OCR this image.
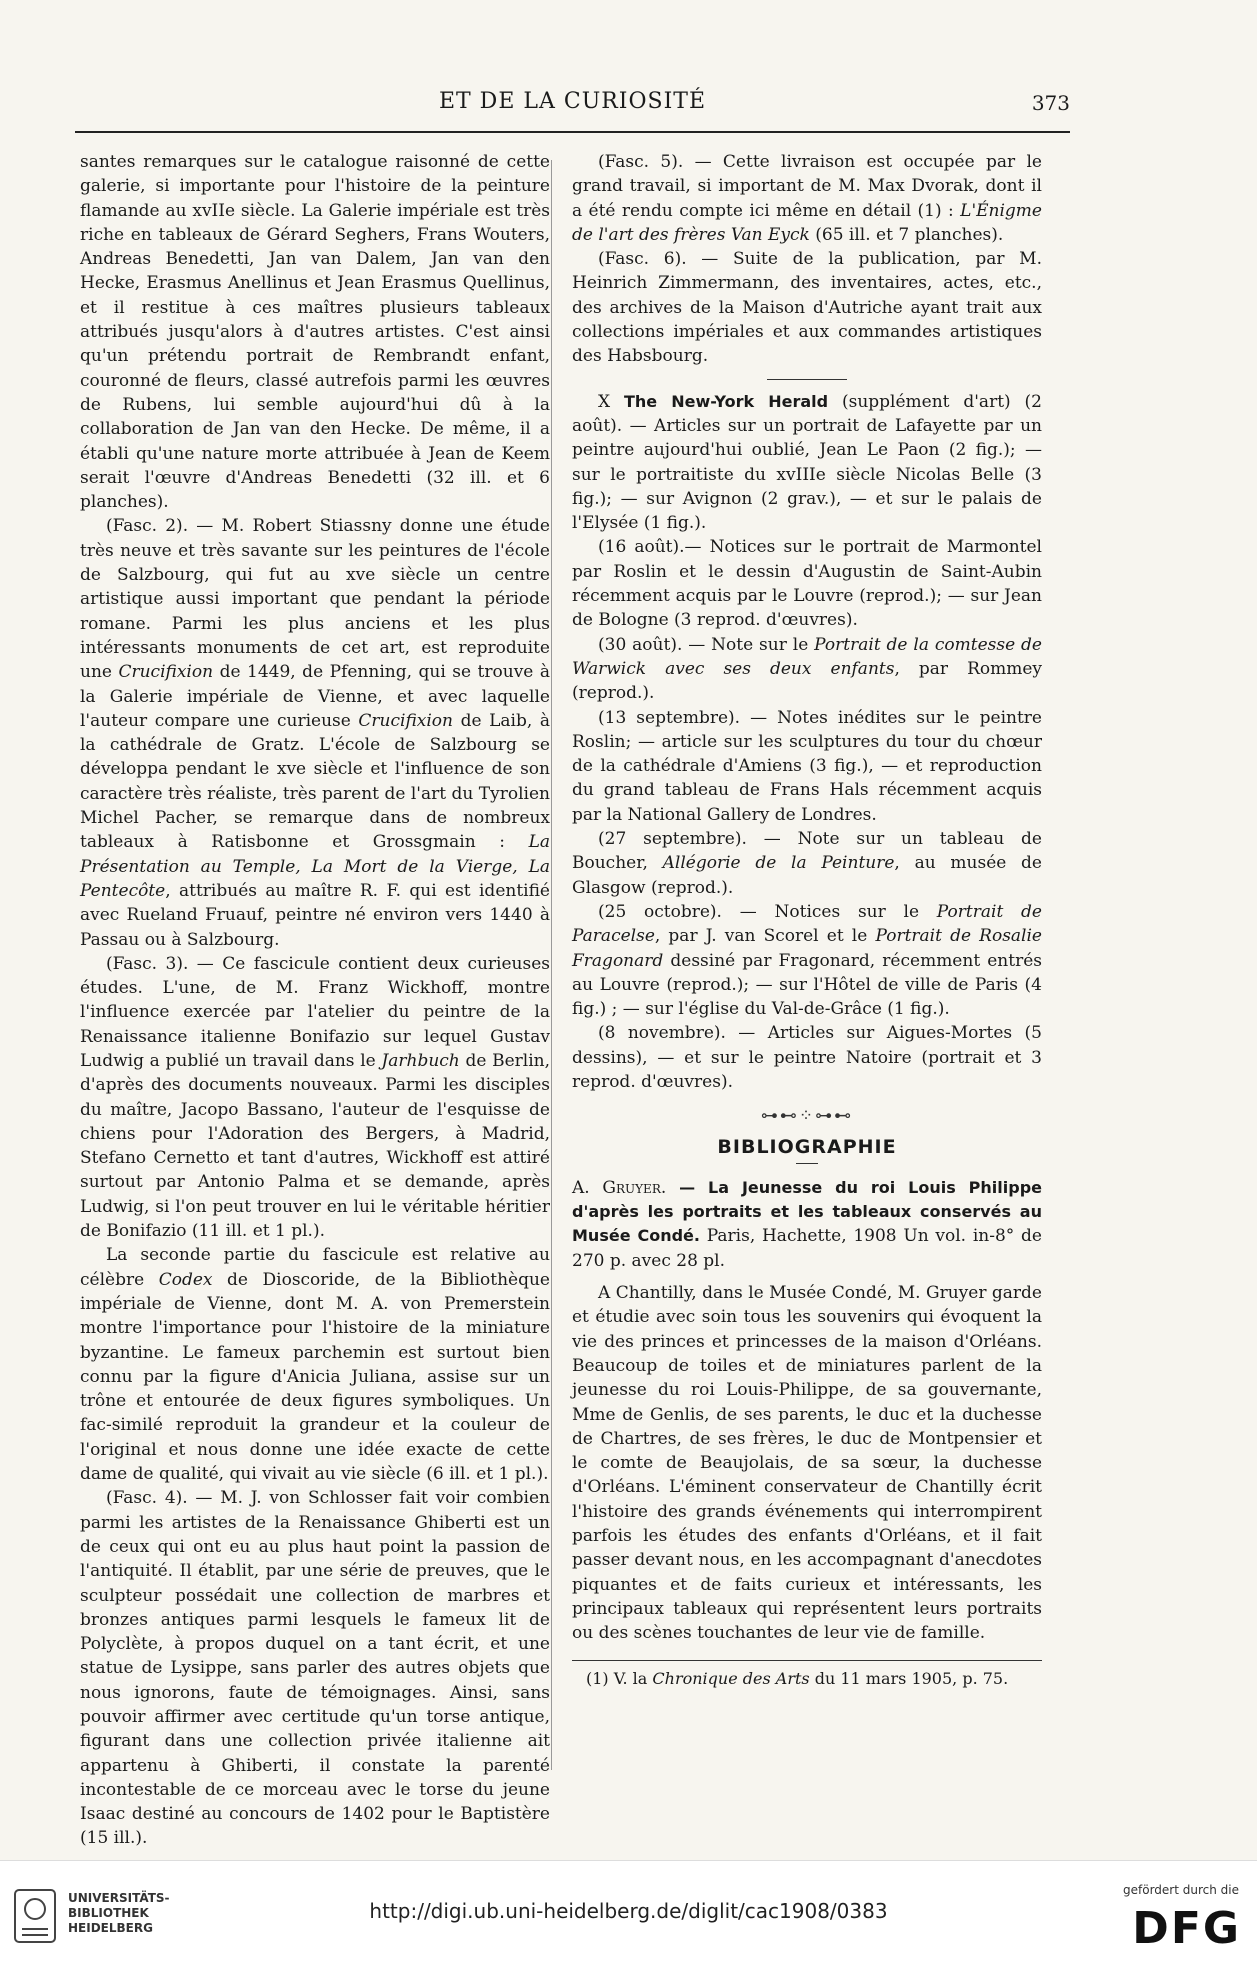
ET DE LA CURIOSITÉ	373

santes remarques sur le catalogue raisonné de cette galerie, si importante pour l'histoire de la peinture flamande au xvIIe siècle. La Galerie impériale est très riche en tableaux de Gérard Seghers, Frans Wouters, Andreas Benedetti, Jan van Dalem, Jan van den Hecke, Erasmus Anellinus et Jean Erasmus Quellinus, et il restitue à ces maîtres plusieurs tableaux attribués jusqu'alors à d'autres artistes. C'est ainsi qu'un prétendu portrait de Rembrandt enfant, couronné de fleurs, classé autrefois parmi les œuvres de Rubens, lui semble aujourd'hui dû à la collaboration de Jan van den Hecke. De même, il a établi qu'une nature morte attribuée à Jean de Keem serait l'œuvre d'Andreas Benedetti (32 ill. et 6 planches).

(Fasc. 2). — M. Robert Stiassny donne une étude très neuve et très savante sur les peintures de l'école de Salzbourg, qui fut au xve siècle un centre artistique aussi important que pendant la période romane. Parmi les plus anciens et les plus intéressants monuments de cet art, est reproduite une Crucifixion de 1449, de Pfenning, qui se trouve à la Galerie impériale de Vienne, et avec laquelle l'auteur compare une curieuse Crucifixion de Laib, à la cathédrale de Gratz. L'école de Salzbourg se développa pendant le xve siècle et l'influence de son caractère très réaliste, très parent de l'art du Tyrolien Michel Pacher, se remarque dans de nombreux tableaux à Ratisbonne et Grossgmain : La Présentation au Temple, La Mort de la Vierge, La Pentecôte, attribués au maître R. F. qui est identifié avec Rueland Fruauf, peintre né environ vers 1440 à Passau ou à Salzbourg.

(Fasc. 3). — Ce fascicule contient deux curieuses études. L'une, de M. Franz Wickhoff, montre l'influence exercée par l'atelier du peintre de la Renaissance italienne Bonifazio sur lequel Gustav Ludwig a publié un travail dans le Jarhbuch de Berlin, d'après des documents nouveaux. Parmi les disciples du maître, Jacopo Bassano, l'auteur de l'esquisse de chiens pour l'Adoration des Bergers, à Madrid, Stefano Cernetto et tant d'autres, Wickhoff est attiré surtout par Antonio Palma et se demande, après Ludwig, si l'on peut trouver en lui le véritable héritier de Bonifazio (11 ill. et 1 pl.).

La seconde partie du fascicule est relative au célèbre Codex de Dioscoride, de la Bibliothèque impériale de Vienne, dont M. A. von Premerstein montre l'importance pour l'histoire de la miniature byzantine. Le fameux parchemin est surtout bien connu par la figure d'Anicia Juliana, assise sur un trône et entourée de deux figures symboliques. Un fac-similé reproduit la grandeur et la couleur de l'original et nous donne une idée exacte de cette dame de qualité, qui vivait au vie siècle (6 ill. et 1 pl.).

(Fasc. 4). — M. J. von Schlosser fait voir combien parmi les artistes de la Renaissance Ghiberti est un de ceux qui ont eu au plus haut point la passion de l'antiquité. Il établit, par une série de preuves, que le sculpteur possédait une collection de marbres et bronzes antiques parmi lesquels le fameux lit de Polyclète, à propos duquel on a tant écrit, et une statue de Lysippe, sans parler des autres objets que nous ignorons, faute de témoignages. Ainsi, sans pouvoir affirmer avec certitude qu'un torse antique, figurant dans une collection privée italienne ait appartenu à Ghiberti, il constate la parenté incontestable de ce morceau avec le torse du jeune Isaac destiné au concours de 1402 pour le Baptistère (15 ill.).

(Fasc. 5). — Cette livraison est occupée par le grand travail, si important de M. Max Dvorak, dont il a été rendu compte ici même en détail (1) : L'Énigme de l'art des frères Van Eyck (65 ill. et 7 planches).

(Fasc. 6). — Suite de la publication, par M. Heinrich Zimmermann, des inventaires, actes, etc., des archives de la Maison d'Autriche ayant trait aux collections impériales et aux commandes artistiques des Habsbourg.

X The New-York Herald (supplément d'art) (2 août). — Articles sur un portrait de Lafayette par un peintre aujourd'hui oublié, Jean Le Paon (2 fig.); — sur le portraitiste du xvIIIe siècle Nicolas Belle (3 fig.); — sur Avignon (2 grav.), — et sur le palais de l'Elysée (1 fig.).

(16 août).— Notices sur le portrait de Marmontel par Roslin et le dessin d'Augustin de Saint-Aubin récemment acquis par le Louvre (reprod.); — sur Jean de Bologne (3 reprod. d'œuvres).

(30 août). — Note sur le Portrait de la comtesse de Warwick avec ses deux enfants, par Rommey (reprod.).

(13 septembre). — Notes inédites sur le peintre Roslin; — article sur les sculptures du tour du chœur de la cathédrale d'Amiens (3 fig.), — et reproduction du grand tableau de Frans Hals récemment acquis par la National Gallery de Londres.

(27 septembre). — Note sur un tableau de Boucher, Allégorie de la Peinture, au musée de Glasgow (reprod.).

(25 octobre). — Notices sur le Portrait de Paracelse, par J. van Scorel et le Portrait de Rosalie Fragonard dessiné par Fragonard, récemment entrés au Louvre (reprod.); — sur l'Hôtel de ville de Paris (4 fig.) ; — sur l'église du Val-de-Grâce (1 fig.).

(8 novembre). — Articles sur Aigues-Mortes (5 dessins), — et sur le peintre Natoire (portrait et 3 reprod. d'œuvres).

⊶⊷⁘⊶⊷
BIBLIOGRAPHIE

A. Gruyer. — La Jeunesse du roi Louis Philippe d'après les portraits et les tableaux conservés au Musée Condé. Paris, Hachette, 1908 Un vol. in-8° de 270 p. avec 28 pl.

A Chantilly, dans le Musée Condé, M. Gruyer garde et étudie avec soin tous les souvenirs qui évoquent la vie des princes et princesses de la maison d'Orléans. Beaucoup de toiles et de miniatures parlent de la jeunesse du roi Louis-Philippe, de sa gouvernante, Mme de Genlis, de ses parents, le duc et la duchesse de Chartres, de ses frères, le duc de Montpensier et le comte de Beaujolais, de sa sœur, la duchesse d'Orléans. L'éminent conservateur de Chantilly écrit l'histoire des grands événements qui interrompirent parfois les études des enfants d'Orléans, et il fait passer devant nous, en les accompagnant d'anecdotes piquantes et de faits curieux et intéressants, les principaux tableaux qui représentent leurs portraits ou des scènes touchantes de leur vie de famille.

(1) V. la Chronique des Arts du 11 mars 1905, p. 75.

UNIVERSITÄTS-
BIBLIOTHEK
HEIDELBERG
http://digi.ub.uni-heidelberg.de/diglit/cac1908/0383
gefördert durch die
DFG
